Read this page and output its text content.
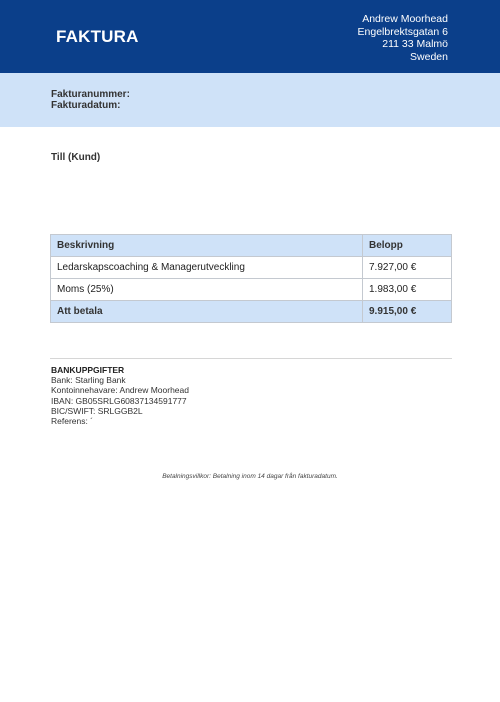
FAKTURA
Andrew Moorhead
Engelbrektsgatan 6
211 33 Malmö
Sweden
Fakturanummer:
Fakturadatum:
Till (Kund)
Beskrivning	Belopp
Ledarskapscoaching & Managerutveckling	7.927,00 €
Moms (25%)	1.983,00 €
Att betala	9.915,00 €
BANKUPPGIFTER
Bank: Starling Bank
Kontoinnehavare: Andrew Moorhead
IBAN: GB05SRLG60837134591777
BIC/SWIFT: SRLGGB2L
Referens: ´
Betalningsvillkor: Betalning inom 14 dagar från fakturadatum.
